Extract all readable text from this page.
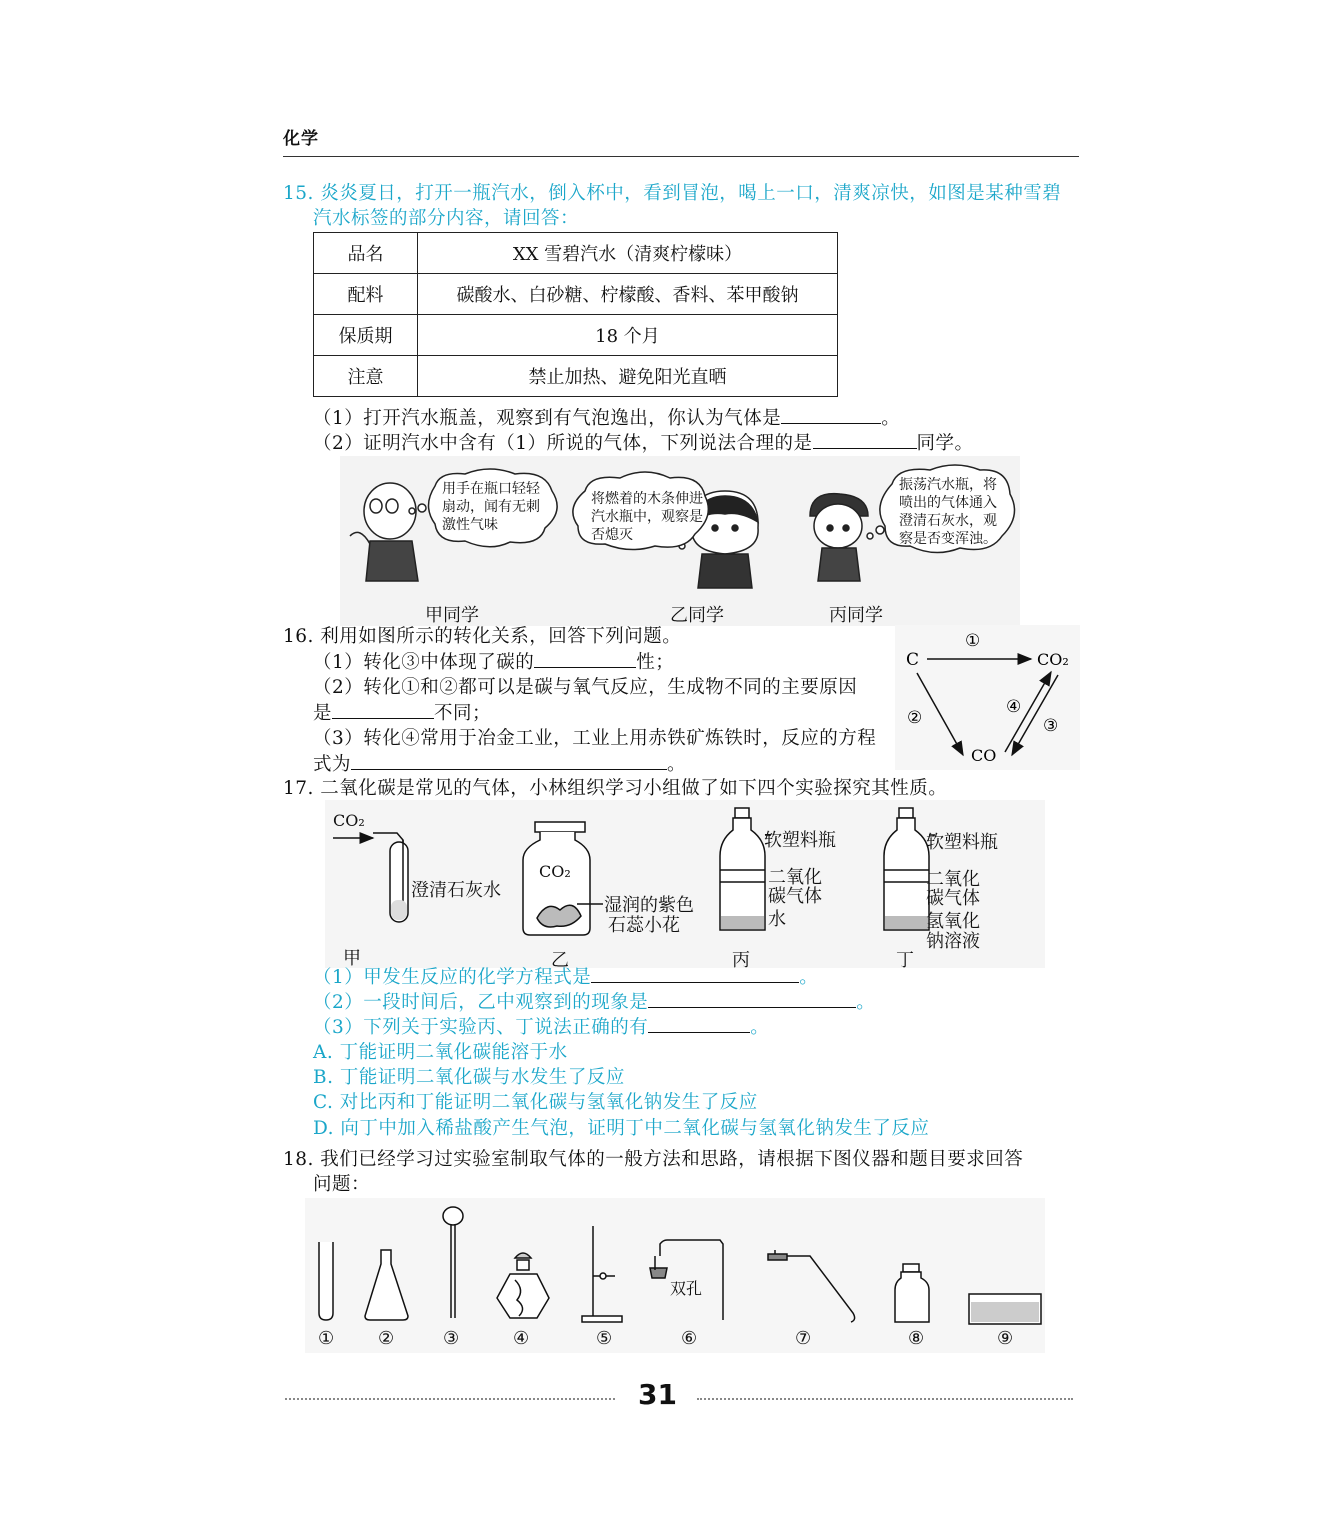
化学
15. 炎炎夏日，打开一瓶汽水，倒入杯中，看到冒泡，喝上一口，清爽凉快，如图是某种雪碧
汽水标签的部分内容，请回答：
品名	XX 雪碧汽水（清爽柠檬味）
配料	碳酸水、白砂糖、柠檬酸、香料、苯甲酸钠
保质期	18 个月
注意	禁止加热、避免阳光直晒
（1）打开汽水瓶盖，观察到有气泡逸出，你认为气体是	。
（2）证明汽水中含有（1）所说的气体，下列说法合理的是	同学。
用手在瓶口轻轻
扇动，闻有无刺
激性气味
将燃着的木条伸进
汽水瓶中，观察是
否熄灭
振荡汽水瓶，将
喷出的气体通入
澄清石灰水，观
察是否变浑浊。
甲同学	乙同学	丙同学
16. 利用如图所示的转化关系，回答下列问题。
（1）转化③中体现了碳的	性；
（2）转化①和②都可以是碳与氧气反应，生成物不同的主要原因
是	不同；
（3）转化④常用于冶金工业，工业上用赤铁矿炼铁时，反应的方程
式为	。
C	CO₂
CO
①
②	③
④
17. 二氧化碳是常见的气体，小林组织学习小组做了如下四个实验探究其性质。
CO₂
澄清石灰水
CO₂
湿润的紫色
石蕊小花
软塑料瓶
二氧化
碳气体
水
软塑料瓶
二氧化
碳气体
氢氧化
钠溶液
甲	乙	丙	丁
（1）甲发生反应的化学方程式是	。
（2）一段时间后，乙中观察到的现象是	。
（3）下列关于实验丙、丁说法正确的有	。
A. 丁能证明二氧化碳能溶于水
B. 丁能证明二氧化碳与水发生了反应
C. 对比丙和丁能证明二氧化碳与氢氧化钠发生了反应
D. 向丁中加入稀盐酸产生气泡，证明丁中二氧化碳与氢氧化钠发生了反应
18. 我们已经学习过实验室制取气体的一般方法和思路，请根据下图仪器和题目要求回答
问题：
双孔
① ②	③	④	⑤	⑥	⑦	⑧	⑨
31
